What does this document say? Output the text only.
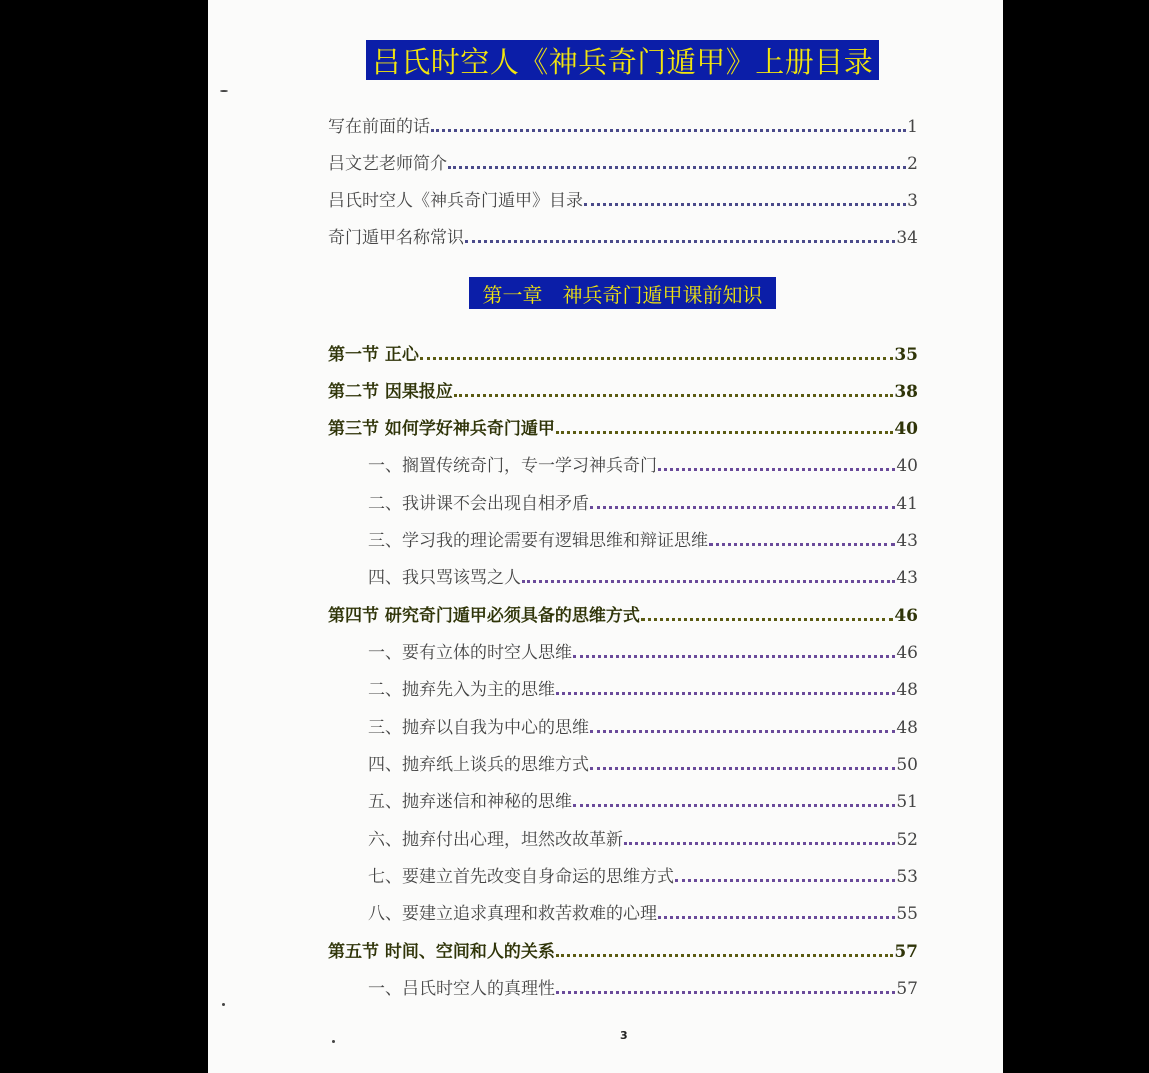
吕氏时空人《神兵奇门遁甲》上册目录
写在前面的话	1
吕文艺老师简介	2
吕氏时空人《神兵奇门遁甲》目录	3
奇门遁甲名称常识	34
第一章　神兵奇门遁甲课前知识
第一节 正心	35
第二节 因果报应	38
第三节 如何学好神兵奇门遁甲	40
一、搁置传统奇门，专一学习神兵奇门	40
二、我讲课不会出现自相矛盾	41
三、学习我的理论需要有逻辑思维和辩证思维	43
四、我只骂该骂之人	43
第四节 研究奇门遁甲必须具备的思维方式	46
一、要有立体的时空人思维	46
二、抛弃先入为主的思维	48
三、抛弃以自我为中心的思维	48
四、抛弃纸上谈兵的思维方式	50
五、抛弃迷信和神秘的思维	51
六、抛弃付出心理，坦然改故革新	52
七、要建立首先改变自身命运的思维方式	53
八、要建立追求真理和救苦救难的心理	55
第五节 时间、空间和人的关系	57
一、吕氏时空人的真理性	57
3
